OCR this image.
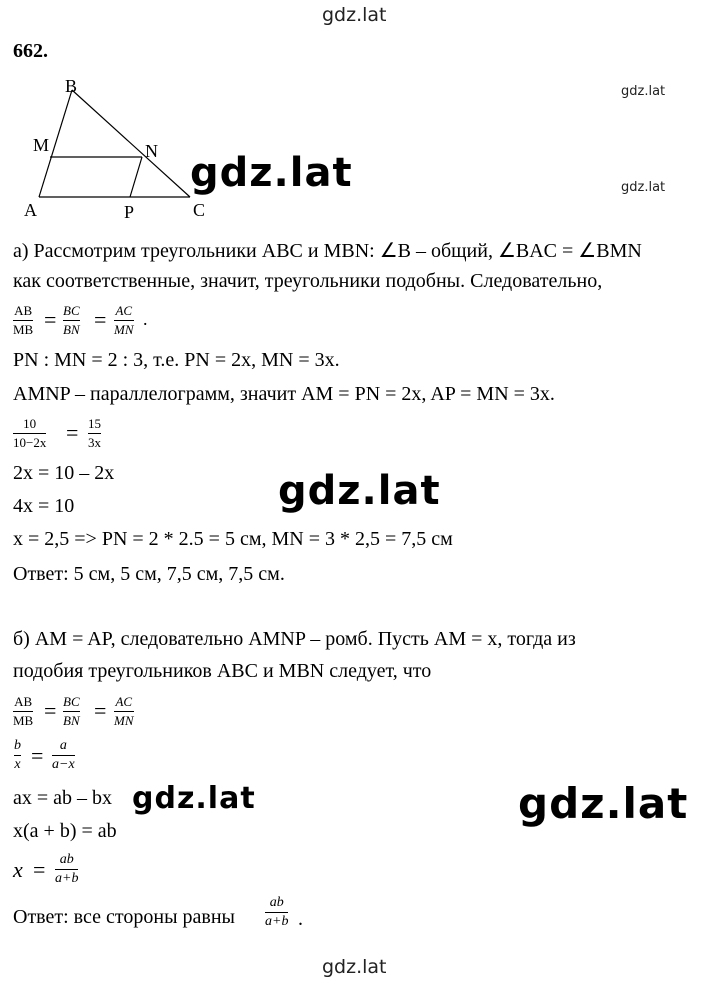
gdz.lat
gdz.lat
gdz.lat
gdz.lat
gdz.lat
gdz.lat	gdz.lat
gdz.lat
662.
B
M	N
A	P	C
а) Рассмотрим треугольники ABC и MBN: ∠B – общий, ∠BAC = ∠BMN
как соответственные, значит, треугольники подобны. Следовательно,
AB
MB = BC
BN = AC
MN
.
PN : MN = 2 : 3, т.е. PN = 2x, MN = 3x.
AMNP – параллелограмм, значит AM = PN = 2x, AP = MN = 3x.
10
10−2x = 15
3x
2x = 10 – 2x
4x = 10
x = 2,5 => PN = 2 * 2.5 = 5 см, MN = 3 * 2,5 = 7,5 см
Ответ: 5 см, 5 см, 7,5 см, 7,5 см.
б) AM = AP, следовательно AMNP – ромб. Пусть AM = x, тогда из
подобия треугольников ABC и MBN следует, что
AB
MB = BC
BN = AC
MN
b
x =	a
a−x
ax = ab – bx
x(a + b) = ab
x =	ab
a+b
Ответ: все стороны равны
ab
a+b .
